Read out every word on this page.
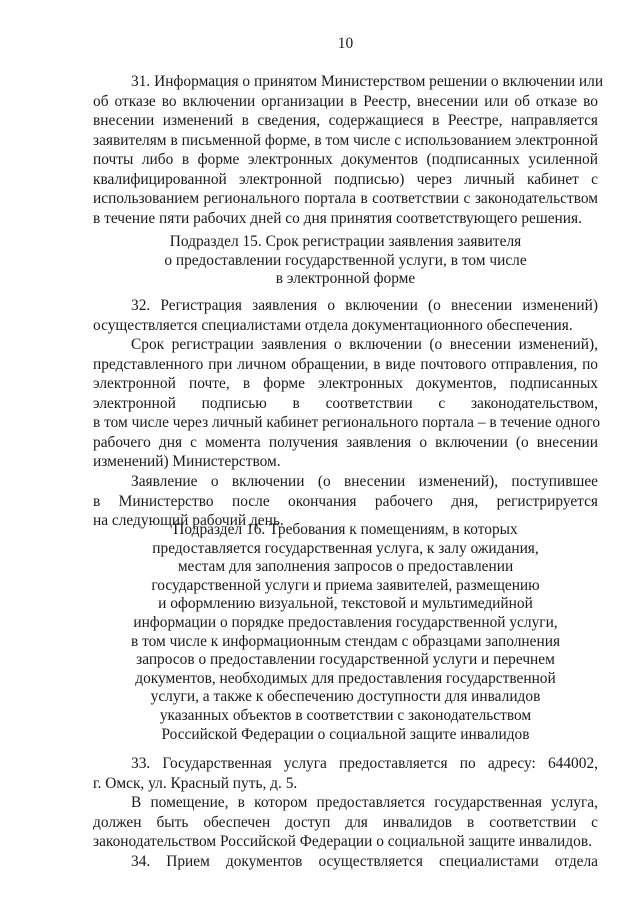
10
31. Информация о принятом Министерством решении о включении или
об отказе во включении организации в Реестр, внесении или об отказе во
внесении изменений в сведения, содержащиеся в Реестре, направляется
заявителям в письменной форме, в том числе с использованием электронной
почты либо в форме электронных документов (подписанных усиленной
квалифицированной электронной подписью) через личный кабинет с
использованием регионального портала в соответствии с законодательством
в течение пяти рабочих дней со дня принятия соответствующего решения.
Подраздел 15. Срок регистрации заявления заявителя
о предоставлении государственной услуги, в том числе
в электронной форме
32. Регистрация заявления о включении (о внесении изменений)
осуществляется специалистами отдела документационного обеспечения.
Срок регистрации заявления о включении (о внесении изменений),
представленного при личном обращении, в виде почтового отправления, по
электронной почте, в форме электронных документов, подписанных
электронной подписью в соответствии с законодательством,
в том числе через личный кабинет регионального портала – в течение одного
рабочего дня с момента получения заявления о включении (о внесении
изменений) Министерством.
Заявление о включении (о внесении изменений), поступившее
в Министерство после окончания рабочего дня, регистрируется
на следующий рабочий день.
Подраздел 16. Требования к помещениям, в которых
предоставляется государственная услуга, к залу ожидания,
местам для заполнения запросов о предоставлении
государственной услуги и приема заявителей, размещению
и оформлению визуальной, текстовой и мультимедийной
информации о порядке предоставления государственной услуги,
в том числе к информационным стендам с образцами заполнения
запросов о предоставлении государственной услуги и перечнем
документов, необходимых для предоставления государственной
услуги, а также к обеспечению доступности для инвалидов
указанных объектов в соответствии с законодательством
Российской Федерации о социальной защите инвалидов
33. Государственная услуга предоставляется по адресу: 644002,
г. Омск, ул. Красный путь, д. 5.
В помещение, в котором предоставляется государственная услуга,
должен быть обеспечен доступ для инвалидов в соответствии с
законодательством Российской Федерации о социальной защите инвалидов.
34. Прием документов осуществляется специалистами отдела
